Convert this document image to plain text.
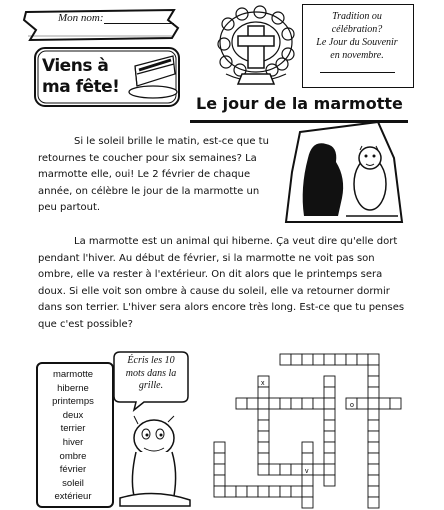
Mon nom:	Tradition ou
célébration?
Le Jour du Souvenir
en novembre.
Viens à
ma fête!
Le jour de la marmotte
Si le soleil brille le matin, est-ce que tu retournes te coucher pour six semaines? La marmotte elle, oui! Le 2 février de chaque année, on célèbre le jour de la marmotte un peu partout.
La marmotte est un animal qui hiberne. Ça veut dire qu'elle dort pendant l'hiver. Au début de février, si la marmotte ne voit pas son ombre, elle va rester à l'extérieur. On dit alors que le printemps sera doux. Si elle voit son ombre à cause du soleil, elle va retourner dormir dans son terrier. L'hiver sera alors encore très long. Est-ce que tu penses que c'est possible?
marmotte
hiberne
printemps
deux
terrier
hiver
ombre
février
soleil
extérieur
Écris les 10 mots dans la grille.	x
o
v
